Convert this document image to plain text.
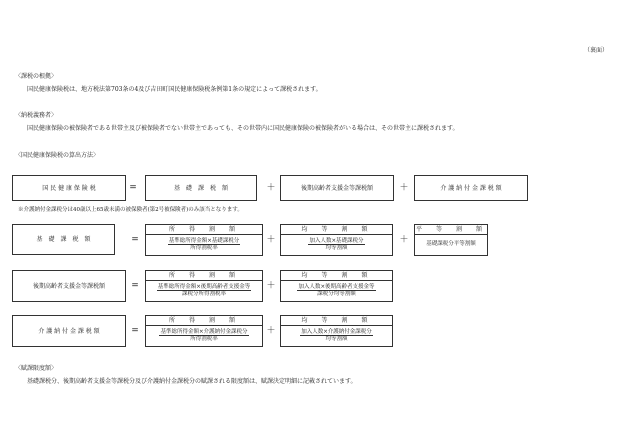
（裏面）
〈課税の根拠〉
国民健康保険税は、地方税法第703条の4及び吉田町国民健康保険税条例第1条の規定によって課税されます。
〈納税義務者〉
国民健康保険の被保険者である世帯主及び被保険者でない世帯主であっても、その世帯内に国民健康保険の被保険者がいる場合は、その世帯主に課税されます。
〈国民健康保険税の算出方法〉
国 民 健 康 保 険 税	=	基　礎　課　税　額	＋	後期高齢者支援金等課税額	＋	介 護 納 付 金 課 税 額
※介護納付金課税分は40歳以上65歳未満の被保険者(第2号被保険者)のみ該当となります。
基　礎　課　税　額	=
所　得　割　額
$\frac{\text{基準総所得金額×基礎課税分}}{\text{所得割税率}}$	＋
均　等　割　額
$\frac{\text{加入人数×基礎課税分}}{\text{均等割額}}$	＋
平　等　割　額
基礎課税分平等割額
後期高齢者支援金等課税額	=
所　得　割　額
$\frac{\text{基準総所得金額×後期高齢者支援金等}}{\text{課税分所得割税率}}$ ＋
均　等　割　額
$\frac{\text{加入人数×後期高齢者支援金等}}{\text{課税分均等割額}}$
介 護 納 付 金 課 税 額	=
所　得　割　額
$\frac{\text{基準総所得金額×介護納付金課税分}}{\text{所得割税率}}$ ＋
均　等　割　額
$\frac{\text{加入人数×介護納付金課税分}}{\text{均等割額}}$
〈賦課限度額〉
基礎課税分、後期高齢者支援金等課税分及び介護納付金課税分の賦課される限度額は、賦課決定明細に記載されています。
